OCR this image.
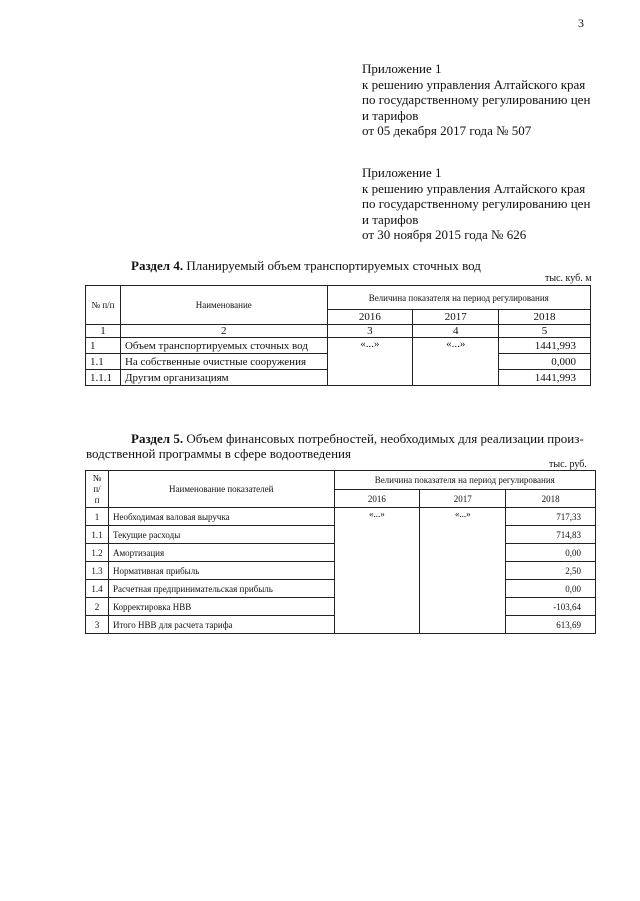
3
Приложение 1
к решению управления Алтайского края
по государственному регулированию цен
и тарифов
от 05 декабря 2017 года № 507
Приложение 1
к решению управления Алтайского края
по государственному регулированию цен
и тарифов
от 30 ноября 2015 года № 626
Раздел 4. Планируемый объем транспортируемых сточных вод
тыс. куб. м
№ п/п	Наименование	Величина показателя на период регулирования		
		2016	2017	2018
1	2	3	4	5
1	Объем транспортируемых сточных вод	«...»	«...»	1441,993
1.1	На собственные очистные сооружения			0,000
1.1.1	Другим организациям			1441,993
Раздел 5. Объем финансовых потребностей, необходимых для реализации произ-
водственной программы в сфере водоотведения
тыс. руб.
№ п/ п	Наименование показателей	Величина показателя на период регулирования		
		2016	2017	2018
1	Необходимая валовая выручка	«...»	«...»	717,33
1.1	Текущие расходы			714,83
1.2	Амортизация			0,00
1.3	Нормативная прибыль			2,50
1.4	Расчетная предпринимательская прибыль			0,00
2	Корректировка НВВ			-103,64
3	Итого НВВ для расчета тарифа			613,69
